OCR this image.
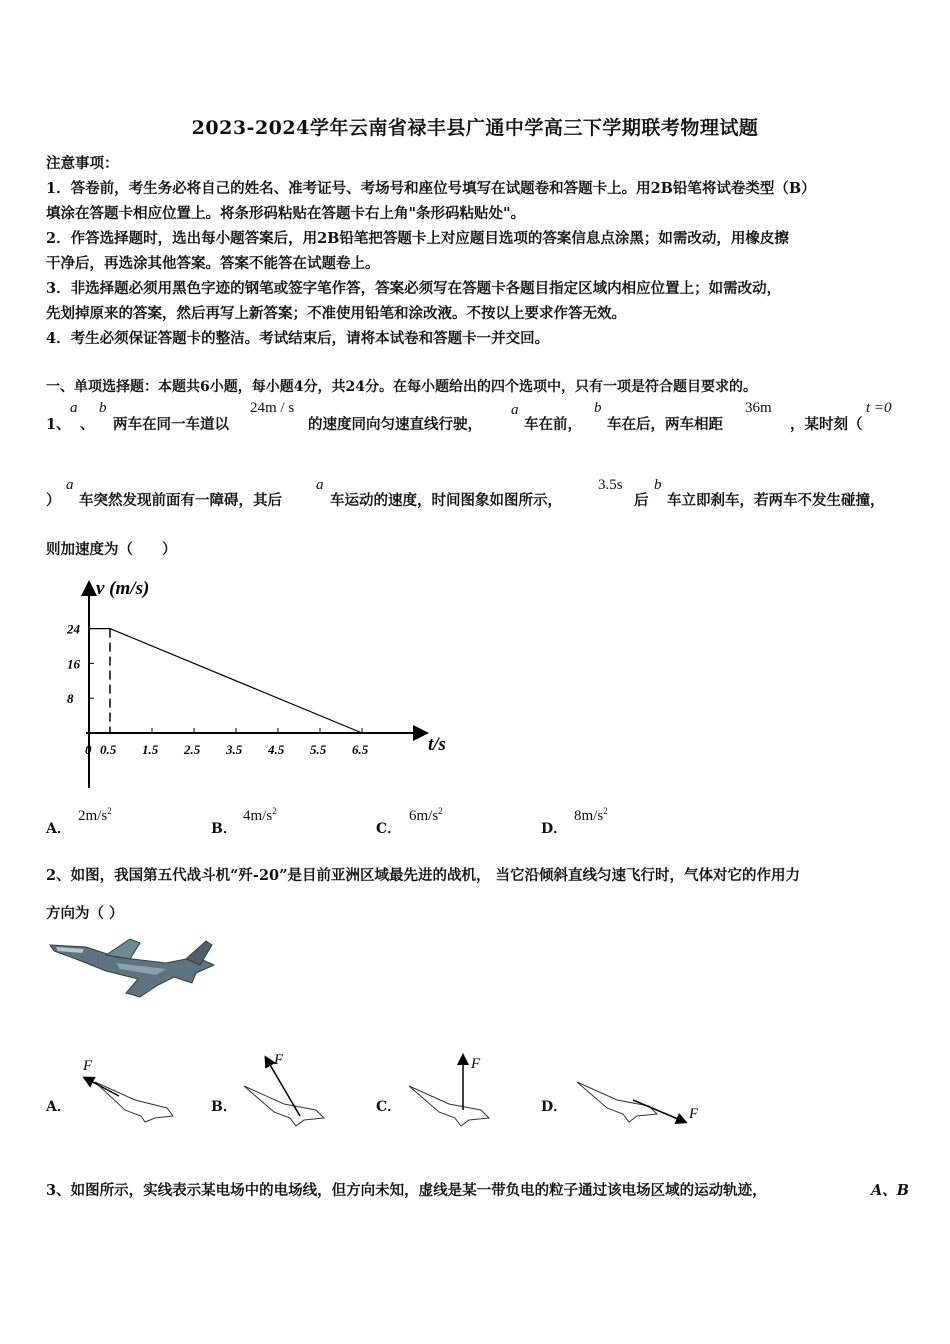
2023-2024学年云南省禄丰县广通中学高三下学期联考物理试题
注意事项：
1．答卷前，考生务必将自己的姓名、准考证号、考场号和座位号填写在试题卷和答题卡上。用2B铅笔将试卷类型（B）
填涂在答题卡相应位置上。将条形码粘贴在答题卡右上角"条形码粘贴处"。
2．作答选择题时，选出每小题答案后，用2B铅笔把答题卡上对应题目选项的答案信息点涂黑；如需改动，用橡皮擦
干净后，再选涂其他答案。答案不能答在试题卷上。
3．非选择题必须用黑色字迹的钢笔或签字笔作答，答案必须写在答题卡各题目指定区域内相应位置上；如需改动，
先划掉原来的答案，然后再写上新答案；不准使用铅笔和涂改液。不按以上要求作答无效。
4．考生必须保证答题卡的整洁。考试结束后，请将本试卷和答题卡一并交回。
一、单项选择题：本题共6小题，每小题4分，共24分。在每小题给出的四个选项中，只有一项是符合题目要求的。
1、
a
、
b
两车在同一车道以
24m / s
的速度同向匀速直线行驶，
a
车在前，
b
车在后，两车相距
36m
，某时刻（
t =0
）
a
车突然发现前面有一障碍，其后
a
车运动的速度，时间图象如图所示，
3.5s
后
b
车立即刹车，若两车不发生碰撞，
则加速度为（　　）
v (m/s)
t/s
24
16
8
0 0.5 1.5 2.5 3.5 4.5 5.5 6.5
A．
$2m/s^2$
B．
$4m/s^2$
C．
$6m/s^2$
D．
$8m/s^2$
2、如图，我国第五代战斗机“歼-20”是目前亚洲区域最先进的战机， 当它沿倾斜直线匀速飞行时，气体对它的作用力
方向为（ ）
A．	B．	C．	D．
F	F	F
F
3、如图所示，实线表示某电场中的电场线，但方向未知，虚线是某一带负电的粒子通过该电场区域的运动轨迹，	A、B
